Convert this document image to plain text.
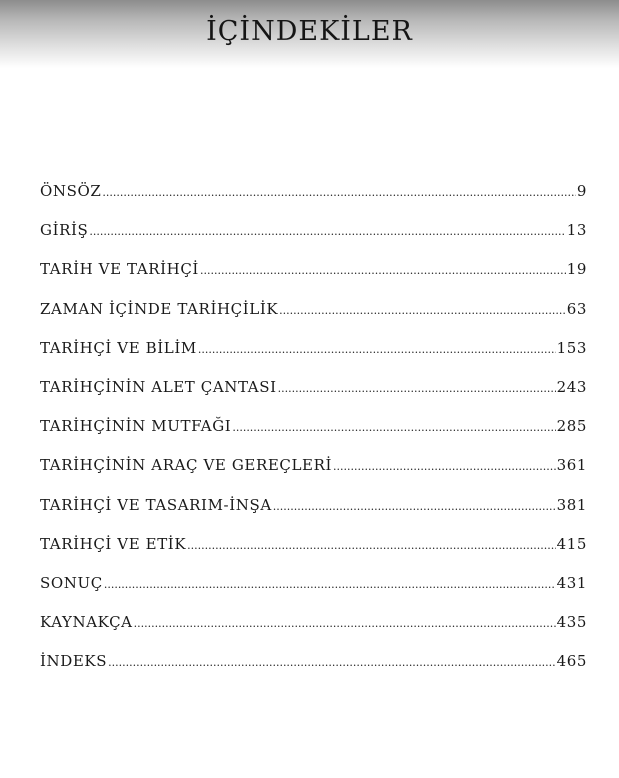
İÇİNDEKİLER
ÖNSÖZ .....	9
GİRİŞ .....	13
TARİH VE TARİHÇİ .....	19
ZAMAN İÇİNDE TARİHÇİLİK .....	63
TARİHÇİ VE BİLİM .....	153
TARİHÇİNİN ALET ÇANTASI .....	243
TARİHÇİNİN MUTFAĞI .....	285
TARİHÇİNİN ARAÇ VE GEREÇLERİ .....	361
TARİHÇİ VE TASARIM-İNŞA .....	381
TARİHÇİ VE ETİK .....	415
SONUÇ .....	431
KAYNAKÇA .....	435
İNDEKS .....	465
